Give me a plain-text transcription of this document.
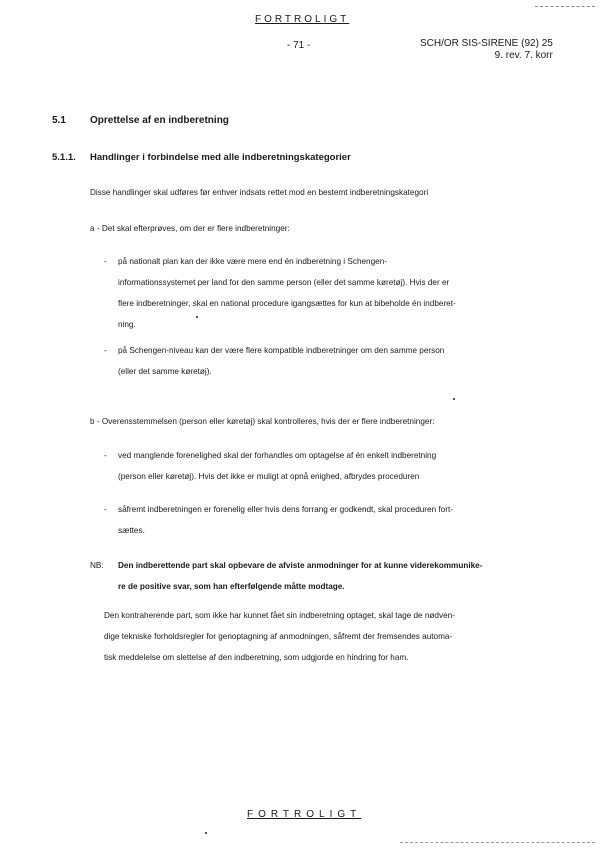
FORTROLIGT
- 71 -	SCH/OR SIS-SIRENE (92) 25
9. rev. 7. korr
5.1 Oprettelse af en indberetning
5.1.1. Handlinger i forbindelse med alle indberetningskategorier
Disse handlinger skal udføres før enhver indsats rettet mod en bestemt indberetningskategori
a - Det skal efterprøves, om der er flere indberetninger:
- på nationalt plan kan der ikke være mere end én indberetning i Schengen-
informationssystemet per land for den samme person (eller det samme køretøj). Hvis der er
flere indberetninger, skal en national procedure igangsættes for kun at bibeholde én indberet-
ning.
- på Schengen-niveau kan der være flere kompatible indberetninger om den samme person
(eller det samme køretøj).
b - Overensstemmelsen (person eller køretøj) skal kontrolleres, hvis der er flere indberetninger:
- ved manglende forenelighed skal der forhandles om optagelse af én enkelt indberetning
(person eller køretøj). Hvis det ikke er muligt at opnå enighed, afbrydes proceduren
- såfremt indberetningen er forenelig eller hvis dens forrang er godkendt, skal proceduren fort-
sættes.
NB: Den indberettende part skal opbevare de afviste anmodninger for at kunne viderekommunike-
re de positive svar, som han efterfølgende måtte modtage.
Den kontraherende part, som ikke har kunnet fået sin indberetning optaget, skal tage de nødven-
dige tekniske forholdsregler for genoptagning af anmodningen, såfremt der fremsendes automa-
tisk meddelelse om sletteIse af den indberetning, som udgjorde en hindring for ham.
FORTROLIGT
